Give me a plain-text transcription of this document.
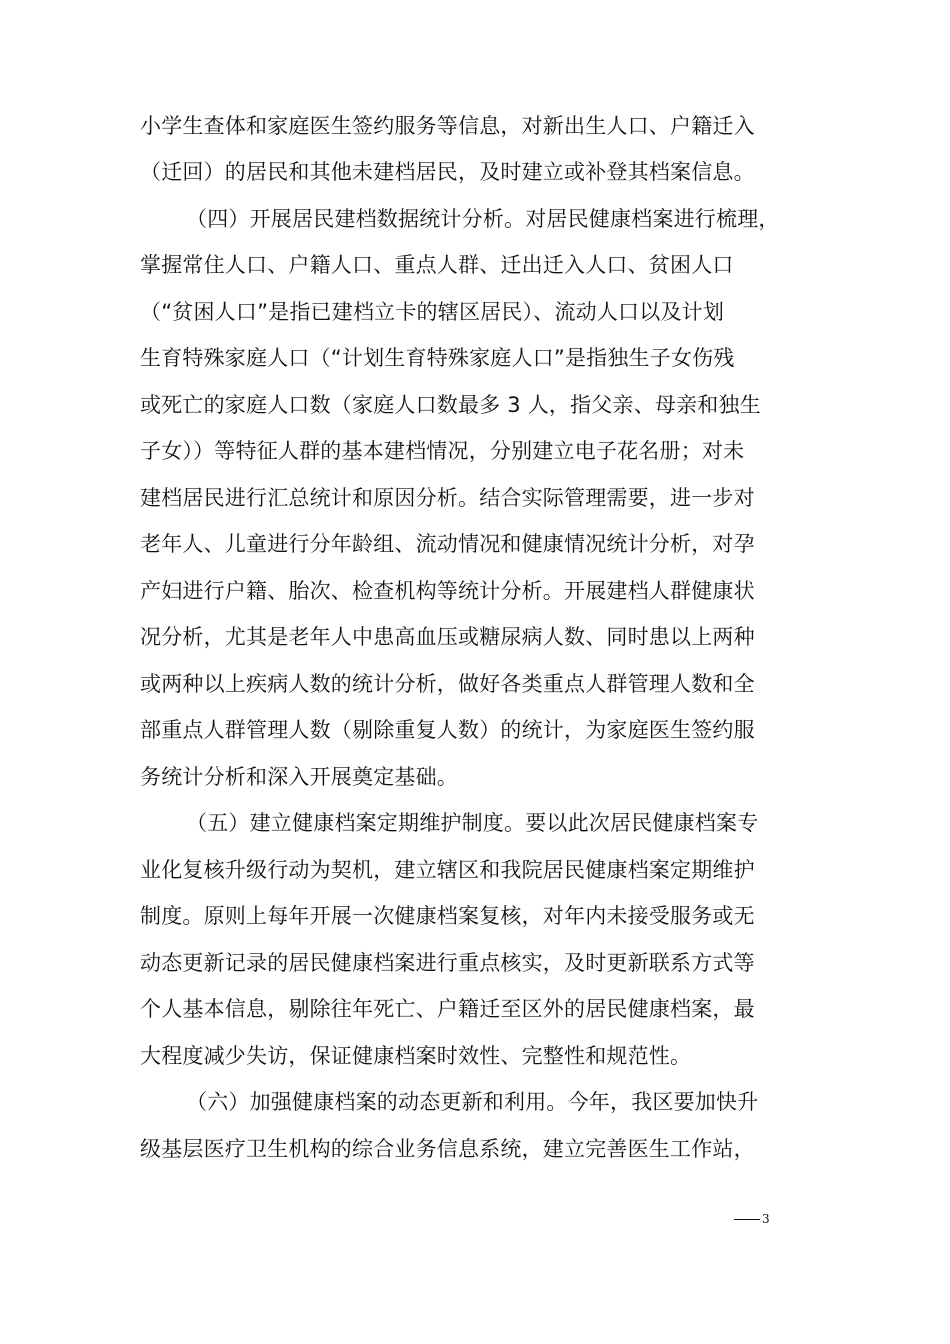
小学生查体和家庭医生签约服务等信息，对新出生人口、户籍迁入
（迁回）的居民和其他未建档居民，及时建立或补登其档案信息。
（四）开展居民建档数据统计分析。对居民健康档案进行梳理，
掌握常住人口、户籍人口、重点人群、迁出迁入人口、贫困人口
（“贫困人口”是指已建档立卡的辖区居民）、流动人口以及计划
生育特殊家庭人口（“计划生育特殊家庭人口”是指独生子女伤残
或死亡的家庭人口数（家庭人口数最多 3 人，指父亲、母亲和独生
子女））等特征人群的基本建档情况，分别建立电子花名册；对未
建档居民进行汇总统计和原因分析。结合实际管理需要，进一步对
老年人、儿童进行分年龄组、流动情况和健康情况统计分析，对孕
产妇进行户籍、胎次、检查机构等统计分析。开展建档人群健康状
况分析，尤其是老年人中患高血压或糖尿病人数、同时患以上两种
或两种以上疾病人数的统计分析，做好各类重点人群管理人数和全
部重点人群管理人数（剔除重复人数）的统计，为家庭医生签约服
务统计分析和深入开展奠定基础。
（五）建立健康档案定期维护制度。要以此次居民健康档案专
业化复核升级行动为契机，建立辖区和我院居民健康档案定期维护
制度。原则上每年开展一次健康档案复核，对年内未接受服务或无
动态更新记录的居民健康档案进行重点核实，及时更新联系方式等
个人基本信息，剔除往年死亡、户籍迁至区外的居民健康档案，最
大程度减少失访，保证健康档案时效性、完整性和规范性。
（六）加强健康档案的动态更新和利用。今年，我区要加快升
级基层医疗卫生机构的综合业务信息系统，建立完善医生工作站，
3
